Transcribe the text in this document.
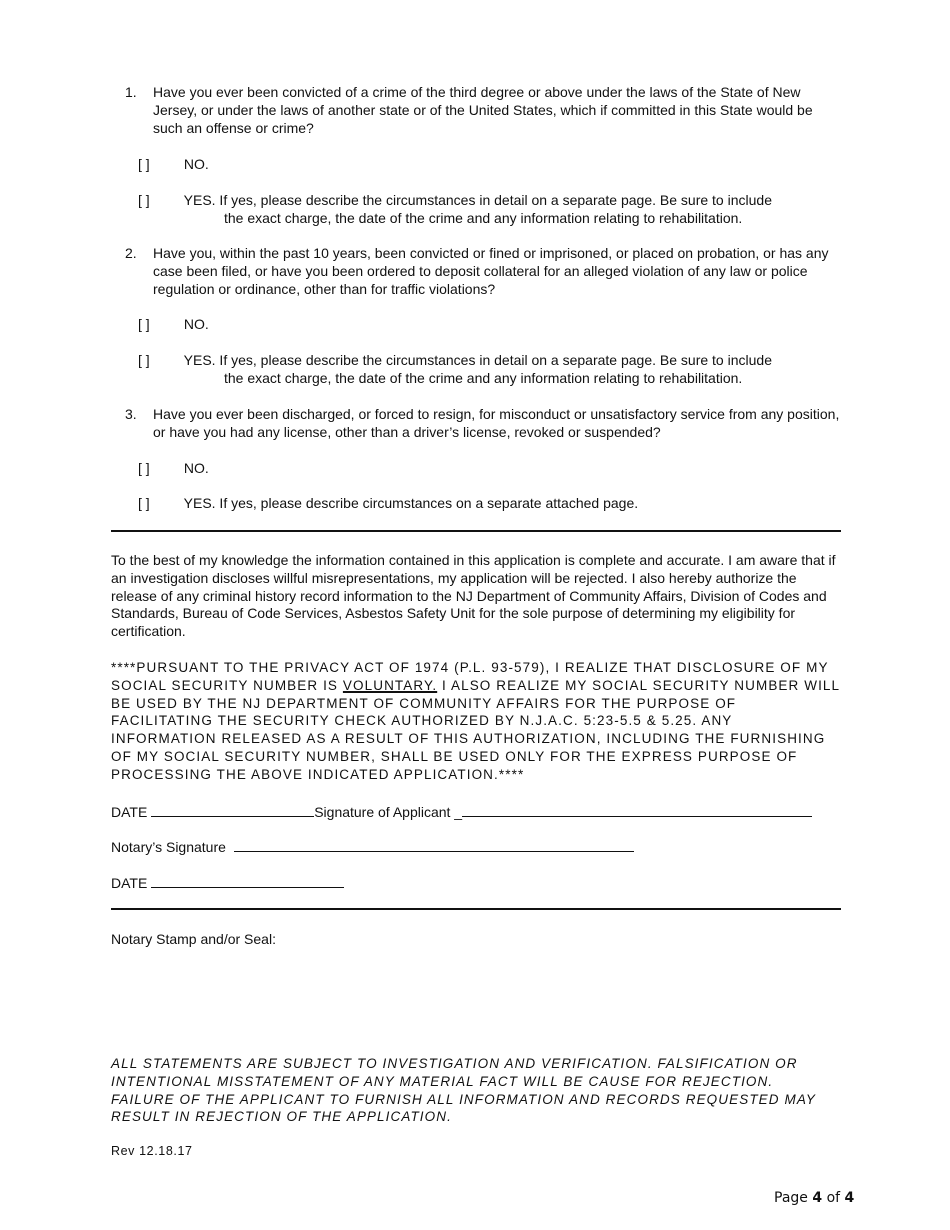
1. Have you ever been convicted of a crime of the third degree or above under the laws of the State of New Jersey, or under the laws of another state or of the United States, which if committed in this State would be such an offense or crime?
[ ] NO.
[ ] YES. If yes, please describe the circumstances in detail on a separate page. Be sure to include
the exact charge, the date of the crime and any information relating to rehabilitation.
2. Have you, within the past 10 years, been convicted or fined or imprisoned, or placed on probation, or has any case been filed, or have you been ordered to deposit collateral for an alleged violation of any law or police regulation or ordinance, other than for traffic violations?
[ ] NO.
[ ] YES. If yes, please describe the circumstances in detail on a separate page. Be sure to include
the exact charge, the date of the crime and any information relating to rehabilitation.
3. Have you ever been discharged, or forced to resign, for misconduct or unsatisfactory service from any position, or have you had any license, other than a driver’s license, revoked or suspended?
[ ] NO.
[ ] YES. If yes, please describe circumstances on a separate attached page.
To the best of my knowledge the information contained in this application is complete and accurate. I am aware that if an investigation discloses willful misrepresentations, my application will be rejected. I also hereby authorize the release of any criminal history record information to the NJ Department of Community Affairs, Division of Codes and Standards, Bureau of Code Services, Asbestos Safety Unit for the sole purpose of determining my eligibility for certification.
****PURSUANT TO THE PRIVACY ACT OF 1974 (P.L. 93-579), I REALIZE THAT DISCLOSURE OF MY SOCIAL SECURITY NUMBER IS VOLUNTARY. I ALSO REALIZE MY SOCIAL SECURITY NUMBER WILL BE USED BY THE NJ DEPARTMENT OF COMMUNITY AFFAIRS FOR THE PURPOSE OF FACILITATING THE SECURITY CHECK AUTHORIZED BY N.J.A.C. 5:23-5.5 & 5.25. ANY INFORMATION RELEASED AS A RESULT OF THIS AUTHORIZATION, INCLUDING THE FURNISHING OF MY SOCIAL SECURITY NUMBER, SHALL BE USED ONLY FOR THE EXPRESS PURPOSE OF PROCESSING THE ABOVE INDICATED APPLICATION.****
DATE	Signature of Applicant _
Notary’s Signature
DATE
Notary Stamp and/or Seal:
ALL STATEMENTS ARE SUBJECT TO INVESTIGATION AND VERIFICATION. FALSIFICATION OR INTENTIONAL MISSTATEMENT OF ANY MATERIAL FACT WILL BE CAUSE FOR REJECTION. FAILURE OF THE APPLICANT TO FURNISH ALL INFORMATION AND RECORDS REQUESTED MAY RESULT IN REJECTION OF THE APPLICATION.
Rev 12.18.17
Page 4 of 4
